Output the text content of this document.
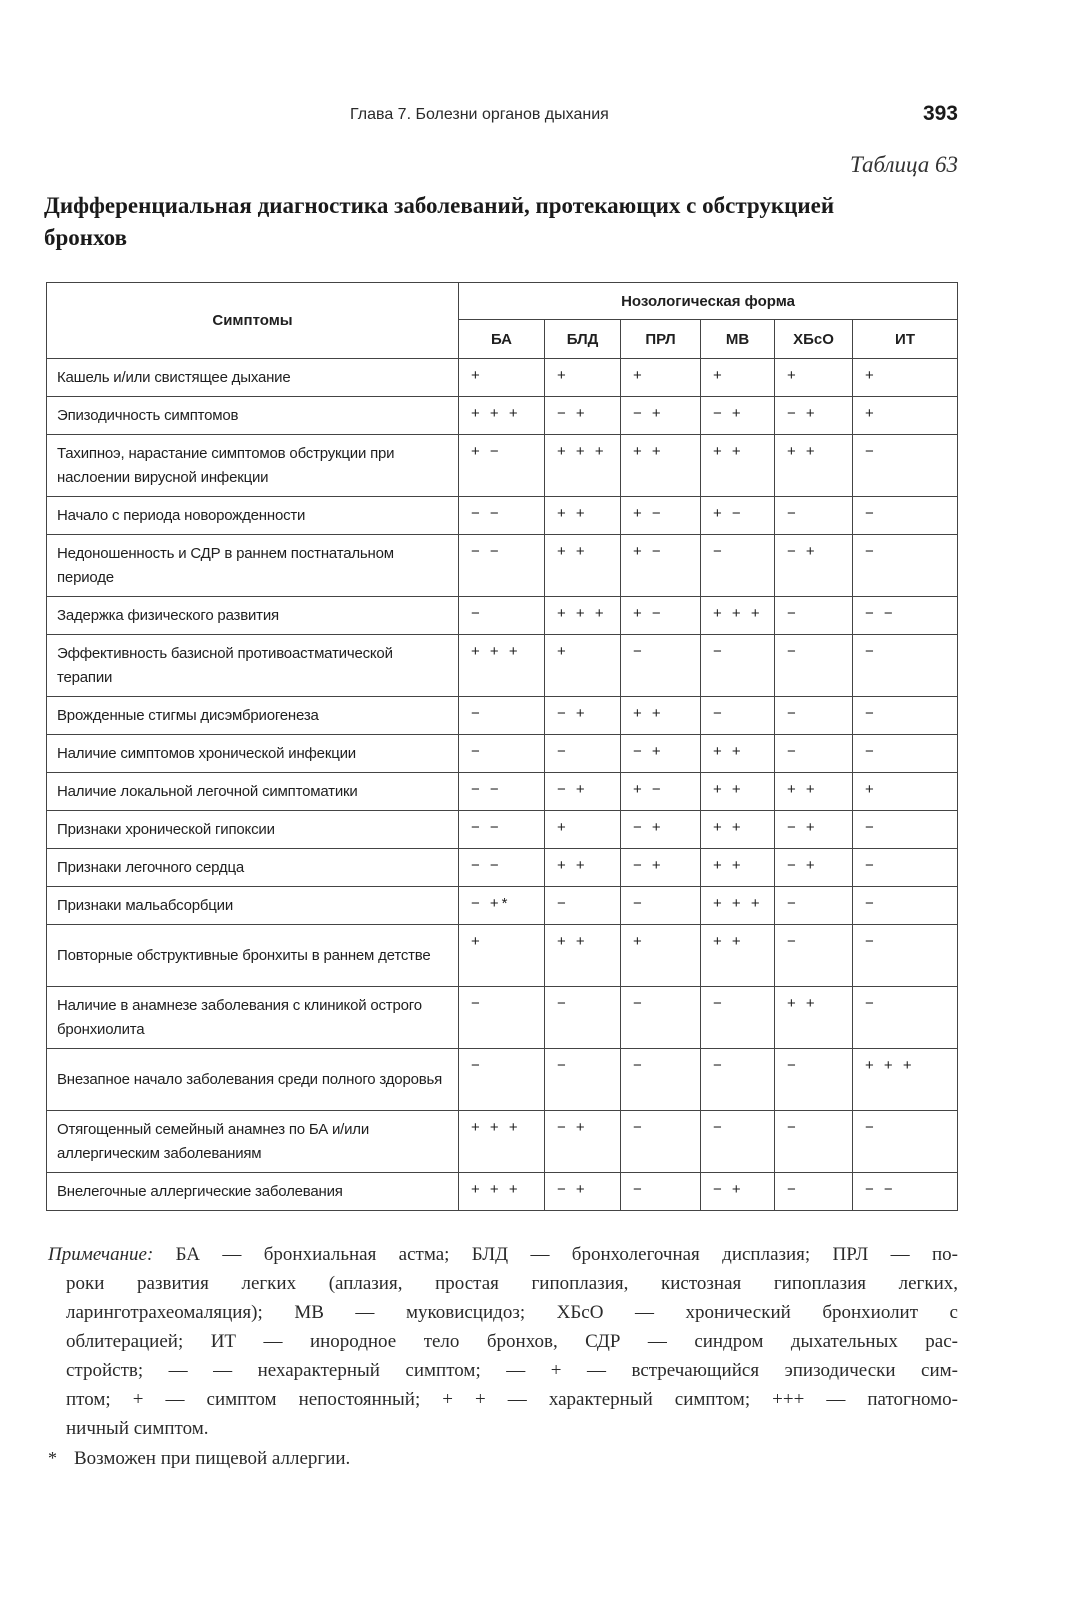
Глава 7. Болезни органов дыхания	393
Таблица 63
Дифференциальная диагностика заболеваний, протекающих с обструкцией бронхов
Симптомы	Нозологическая форма					
	БА	БЛД	ПРЛ	МВ	ХБсО	ИТ
Кашель и/или свистящее дыхание	+	+	+	+	+	+
Эпизодичность симптомов	+ + +	− +	− +	− +	− +	+
Тахипноэ, нарастание симптомов обструкции при наслоении вирусной инфекции	+ −	+ + +	+ +	+ +	+ +	−
Начало с периода новорожденности	− −	+ +	+ −	+ −	−	−
Недоношенность и СДР в раннем постнатальном периоде	− −	+ +	+ −	−	− +	−
Задержка физического развития	−	+ + +	+ −	+ + +	−	− −
Эффективность базисной противоастматической терапии	+ + +	+	−	−	−	−
Врожденные стигмы дисэмбриогенеза	−	− +	+ +	−	−	−
Наличие симптомов хронической инфекции	−	−	− +	+ +	−	−
Наличие локальной легочной симптоматики	− −	− +	+ −	+ +	+ +	+
Признаки хронической гипоксии	− −	+	− +	+ +	− +	−
Признаки легочного сердца	− −	+ +	− +	+ +	− +	−
Признаки мальабсорбции	− +*	−	−	+ + +	−	−
Повторные обструктивные бронхиты в раннем детстве	+	+ +	+	+ +	−	−
Наличие в анамнезе заболевания с клиникой острого бронхиолита	−	−	−	−	+ +	−
Внезапное начало заболевания среди полного здоровья	−	−	−	−	−	+ + +
Отягощенный семейный анамнез по БА и/или аллергическим заболеваниям	+ + +	− +	−	−	−	−
Внелегочные аллергические заболевания	+ + +	− +	−	− +	−	− −

Примечание: БА — бронхиальная астма; БЛД — бронхолегочная дисплазия; ПРЛ — по-
роки развития легких (аплазия, простая гипоплазия, кистозная гипоплазия легких,
ларинготрахеомаляция); МВ — муковисцидоз; ХБсО — хронический бронхиолит с
облитерацией; ИТ — инородное тело бронхов, СДР — синдром дыхательных рас-
стройств; — — нехарактерный симптом; — + — встречающийся эпизодически сим-
птом; + — симптом непостоянный; + + — характерный симптом; +++ — патогномо-
ничный симптом.

* Возможен при пищевой аллергии.
